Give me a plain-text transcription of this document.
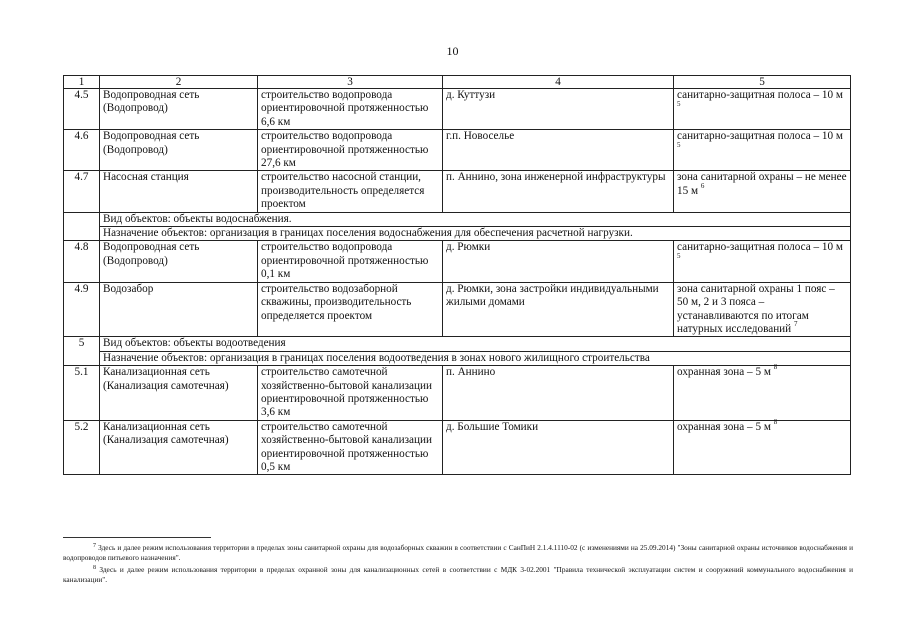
10
1	2	3	4	5
4.5	Водопроводная сеть (Водопровод)	строительство водопровода ориентировочной протяженностью 6,6 км	д. Куттузи	санитарно-защитная полоса – 10 м $^5$
4.6	Водопроводная сеть (Водопровод)	строительство водопровода ориентировочной протяженностью 27,6 км	г.п. Новоселье	санитарно-защитная полоса – 10 м $^5$
4.7	Насосная станция	строительство насосной станции, производительность определяется проектом	п. Аннино, зона инженерной инфраструктуры	зона санитарной охраны – не менее 15 м $^6$
	Вид объектов: объекты водоснабжения.			
	Назначение объектов: организация в границах поселения водоснабжения для обеспечения расчетной нагрузки.			
4.8	Водопроводная сеть (Водопровод)	строительство водопровода ориентировочной протяженностью 0,1 км	д. Рюмки	санитарно-защитная полоса – 10 м $^5$
4.9	Водозабор	строительство водозаборной скважины, производительность определяется проектом	д. Рюмки, зона застройки индивидуальными жилыми домами	зона санитарной охраны 1 пояс – 50 м, 2 и 3 пояса – устанавливаются по итогам натурных исследований $^7$
5	Вид объектов: объекты водоотведения			
	Назначение объектов: организация в границах поселения водоотведения в зонах нового жилищного строительства			
5.1	Канализационная сеть (Канализация самотечная)	строительство самотечной хозяйственно-бытовой канализации ориентировочной протяженностью 3,6 км	п. Аннино	охранная зона – 5 м $^8$
5.2	Канализационная сеть (Канализация самотечная)	строительство самотечной хозяйственно-бытовой канализации ориентировочной протяженностью 0,5 км	д. Большие Томики	охранная зона – 5 м $^8$
$^7$ Здесь и далее режим использования территории в пределах зоны санитарной охраны для водозаборных скважин в соответствии с СанПиН 2.1.4.1110-02 (с изменениями на 25.09.2014) "Зоны санитарной охраны источников водоснабжения и водопроводов питьевого назначения".
$^8$ Здесь и далее режим использования территории в пределах охранной зоны для канализационных сетей в соответствии с МДК 3-02.2001 "Правила технической эксплуатации систем и сооружений коммунального водоснабжения и канализации".
